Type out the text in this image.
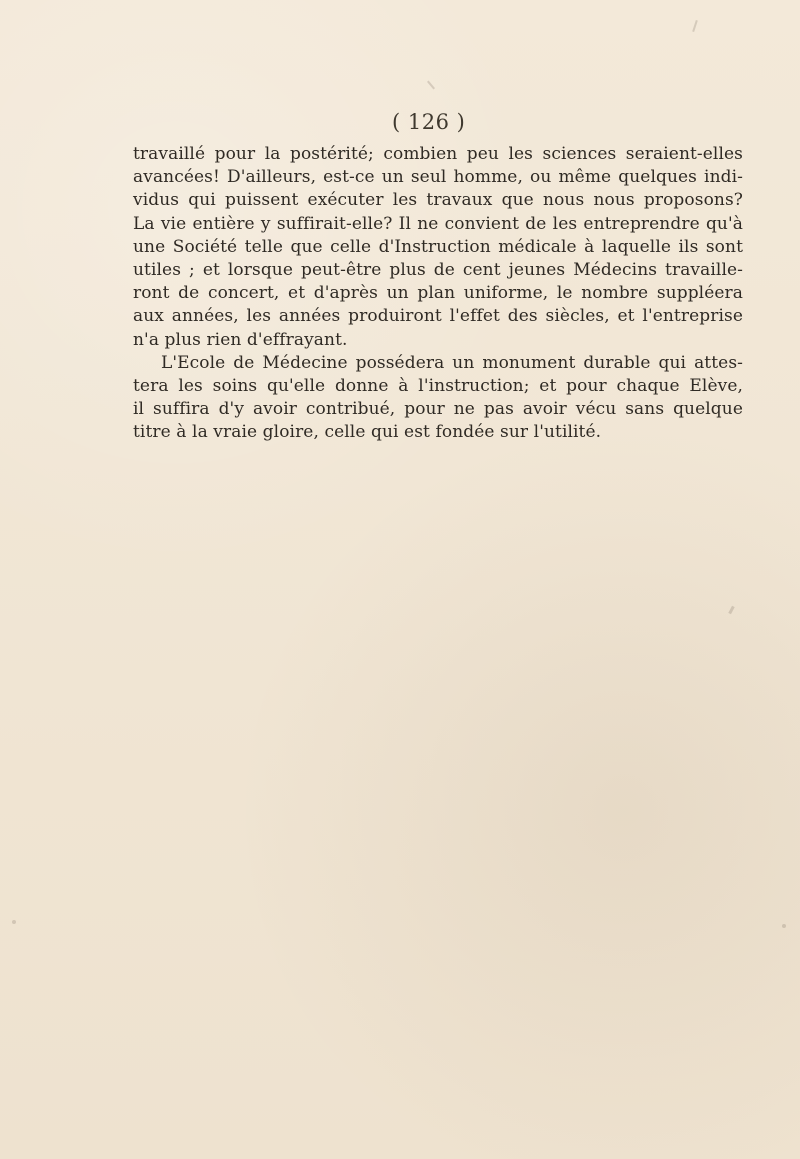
( 126 )
travaillé pour la postérité; combien peu les sciences seraient-elles
avancées! D'ailleurs, est-ce un seul homme, ou même quelques indi-
vidus qui puissent exécuter les travaux que nous nous proposons?
La vie entière y suffirait-elle? Il ne convient de les entreprendre qu'à
une Société telle que celle d'Instruction médicale à laquelle ils sont
utiles ; et lorsque peut-être plus de cent jeunes Médecins travaille-
ront de concert, et d'après un plan uniforme, le nombre suppléera
aux années, les années produiront l'effet des siècles, et l'entreprise
n'a plus rien d'effrayant.
L'Ecole de Médecine possédera un monument durable qui attes-
tera les soins qu'elle donne à l'instruction; et pour chaque Elève,
il suffira d'y avoir contribué, pour ne pas avoir vécu sans quelque
titre à la vraie gloire, celle qui est fondée sur l'utilité.
